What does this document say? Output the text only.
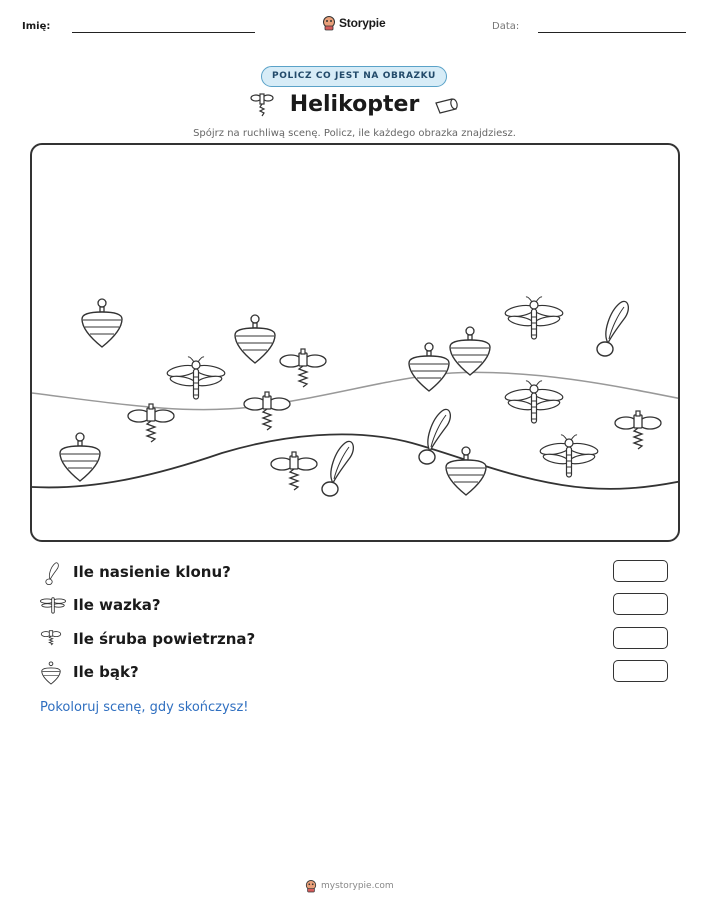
Imię:	Storypie	Data:
POLICZ CO JEST NA OBRAZKU
Helikopter
Spójrz na ruchliwą scenę. Policz, ile każdego obrazka znajdziesz.
Ile nasienie klonu?
Ile wazka?
Ile śruba powietrzna?
Ile bąk?
Pokoloruj scenę, gdy skończysz!
mystorypie.com
